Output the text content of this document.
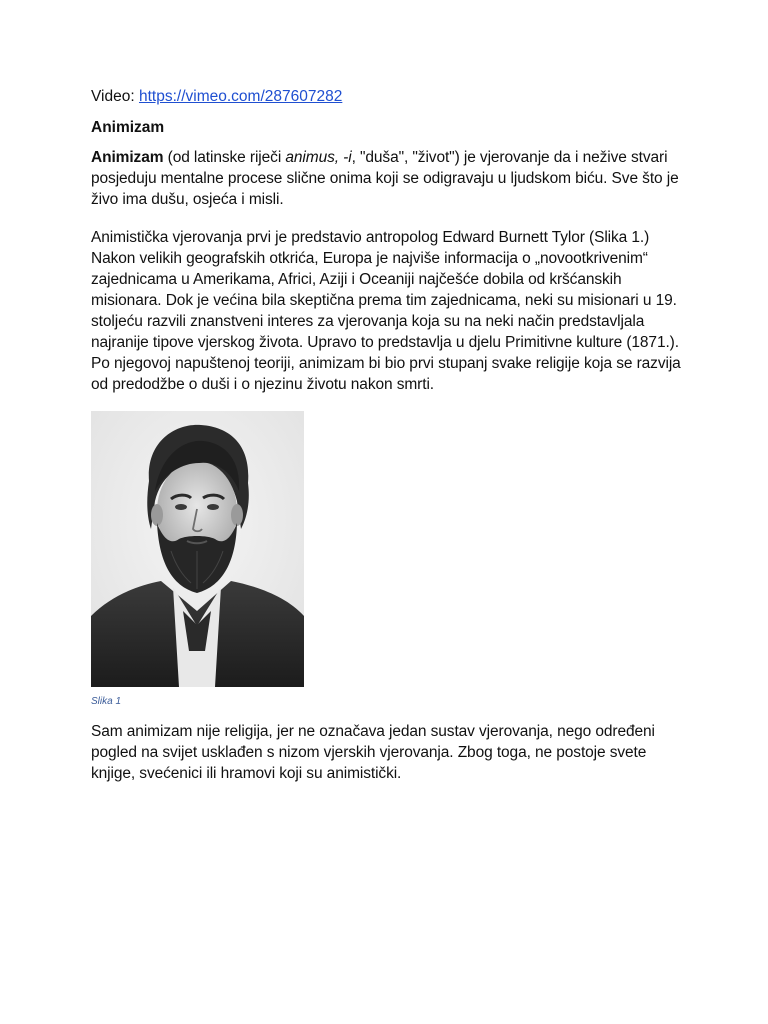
Video: https://vimeo.com/287607282

Animizam

Animizam (od latinske riječi animus, -i, "duša", "život") je vjerovanje da i nežive stvari posjeduju mentalne procese slične onima koji se odigravaju u ljudskom biću. Sve što je živo ima dušu, osjeća i misli.

Animistička vjerovanja prvi je predstavio antropolog Edward Burnett Tylor (Slika 1.) Nakon velikih geografskih otkrića, Europa je najviše informacija o „novootkrivenim“ zajednicama u Amerikama, Africi, Aziji i Oceaniji najčešće dobila od kršćanskih misionara. Dok je većina bila skeptična prema tim zajednicama, neki su misionari u 19. stoljeću razvili znanstveni interes za vjerovanja koja su na neki način predstavljala najranije tipove vjerskog života. Upravo to predstavlja u djelu Primitivne kulture (1871.). Po njegovoj napuštenoj teoriji, animizam bi bio prvi stupanj svake religije koja se razvija od predodžbe o duši i o njezinu životu nakon smrti.

Slika 1

Sam animizam nije religija, jer ne označava jedan sustav vjerovanja, nego određeni pogled na svijet usklađen s nizom vjerskih vjerovanja. Zbog toga, ne postoje svete knjige, svećenici ili hramovi koji su animistički.
